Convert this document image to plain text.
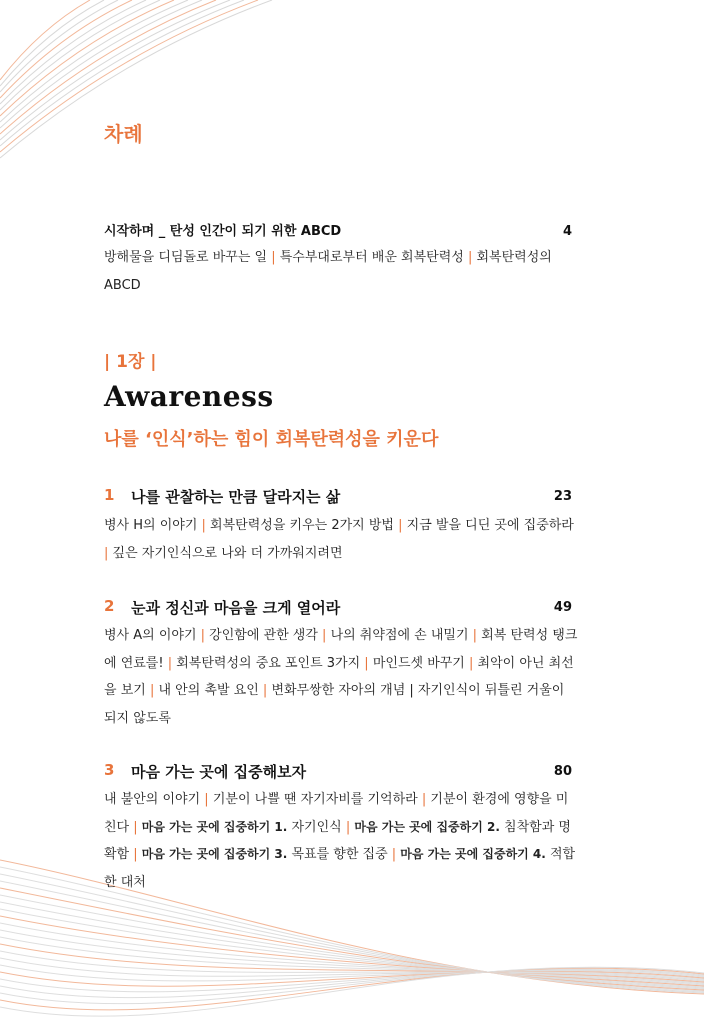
차례
시작하며 _ 탄성 인간이 되기 위한 ABCD	4

방해물을 디딤돌로 바꾸는 일 | 특수부대로부터 배운 회복탄력성 | 회복탄력성의 ABCD

| 1장 |
Awareness
나를 ‘인식’하는 힘이 회복탄력성을 키운다
1	나를 관찰하는 만큼 달라지는 삶	23

병사 H의 이야기 | 회복탄력성을 키우는 2가지 방법 | 지금 발을 디딘 곳에 집중하라 | 깊은 자기인식으로 나와 더 가까워지려면

2	눈과 정신과 마음을 크게 열어라	49

병사 A의 이야기 | 강인함에 관한 생각 | 나의 취약점에 손 내밀기 | 회복 탄력성 탱크에 연료를! | 회복탄력성의 중요 포인트 3가지 | 마인드셋 바꾸기 | 최악이 아닌 최선을 보기 | 내 안의 촉발 요인 | 변화무쌍한 자아의 개념 | 자기인식이 뒤틀린 거울이 되지 않도록

3	마음 가는 곳에 집중해보자	80

내 불안의 이야기 | 기분이 나쁠 땐 자기자비를 기억하라 | 기분이 환경에 영향을 미친다 | 마음 가는 곳에 집중하기 1. 자기인식 | 마음 가는 곳에 집중하기 2. 침착함과 명확함 | 마음 가는 곳에 집중하기 3. 목표를 향한 집중 | 마음 가는 곳에 집중하기 4. 적합한 대처
